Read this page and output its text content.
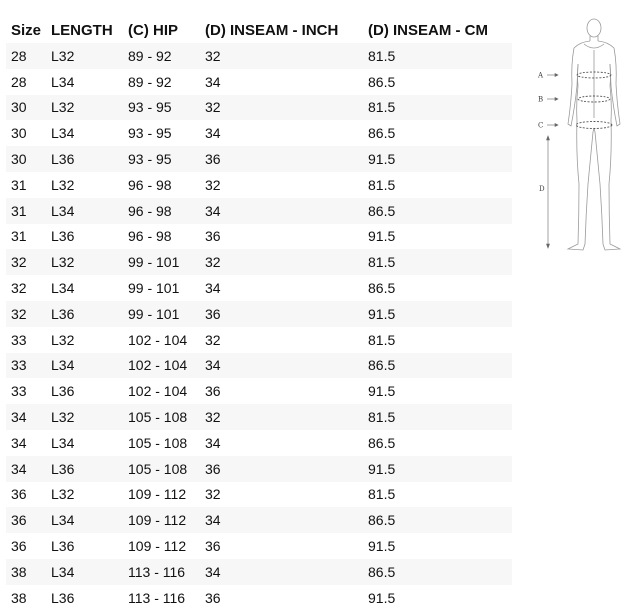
Size	LENGTH	(C) HIP	(D) INSEAM - INCH	(D) INSEAM - CM
28	L32	89 - 92	32	81.5
28	L34	89 - 92	34	86.5
30	L32	93 - 95	32	81.5
30	L34	93 - 95	34	86.5
30	L36	93 - 95	36	91.5
31	L32	96 - 98	32	81.5
31	L34	96 - 98	34	86.5
31	L36	96 - 98	36	91.5
32	L32	99 - 101	32	81.5
32	L34	99 - 101	34	86.5
32	L36	99 - 101	36	91.5
33	L32	102 - 104	32	81.5
33	L34	102 - 104	34	86.5
33	L36	102 - 104	36	91.5
34	L32	105 - 108	32	81.5
34	L34	105 - 108	34	86.5
34	L36	105 - 108	36	91.5
36	L32	109 - 112	32	81.5
36	L34	109 - 112	34	86.5
36	L36	109 - 112	36	91.5
38	L34	113 - 116	34	86.5
38	L36	113 - 116	36	91.5
A
B
C
D
